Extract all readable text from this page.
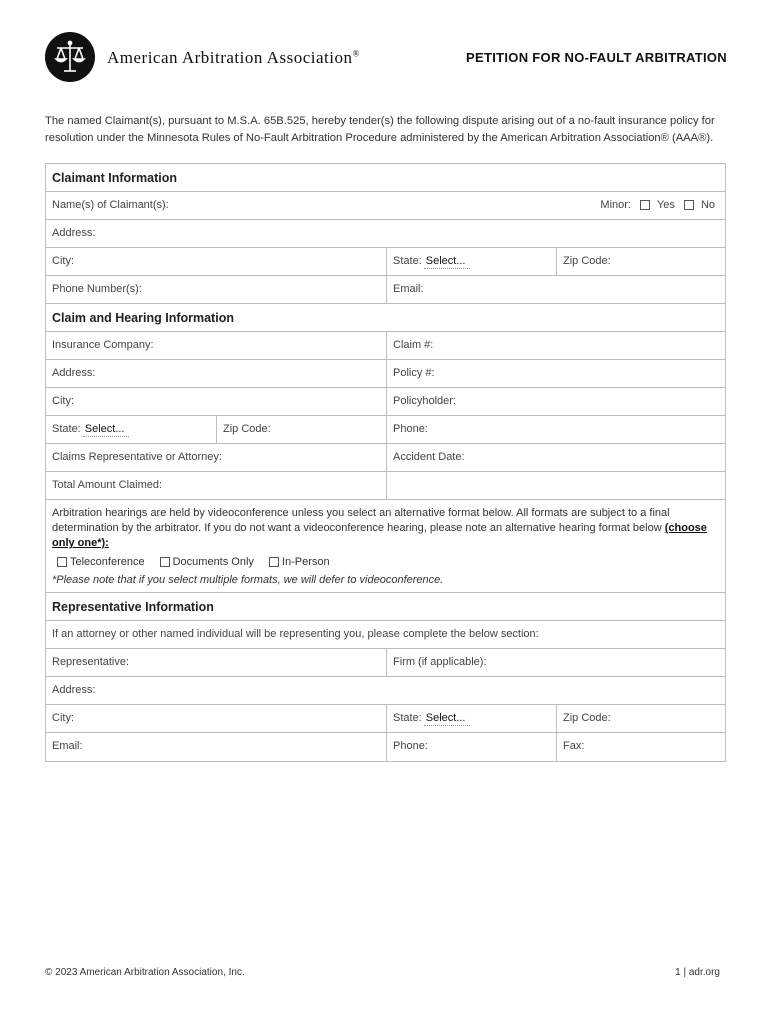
American Arbitration Association®	PETITION FOR NO-FAULT ARBITRATION
The named Claimant(s), pursuant to M.S.A. 65B.525, hereby tender(s) the following dispute arising out of a no-fault insurance policy for resolution under the Minnesota Rules of No-Fault Arbitration Procedure administered by the American Arbitration Association® (AAA®).
Claimant Information
Name(s) of Claimant(s):	Minor: Yes No
Address:
City:	State: Select...	Zip Code:
Phone Number(s):	Email:
Claim and Hearing Information
Insurance Company:	Claim #:
Address:	Policy #:
City:	Policyholder:
State: Select...	Zip Code:	Phone:
Claims Representative or Attorney:	Accident Date:
Total Amount Claimed:

Arbitration hearings are held by videoconference unless you select an alternative format below. All formats are subject to a final determination by the arbitrator. If you do not want a videoconference hearing, please note an alternative hearing format below (choose only one*):

Teleconference	Documents Only	In-Person
*Please note that if you select multiple formats, we will defer to videoconference.
Representative Information
If an attorney or other named individual will be representing you, please complete the below section:
Representative:	Firm (if applicable):
Address:
City:	State: Select...	Zip Code:
Email:	Phone:	Fax:
© 2023 American Arbitration Association, Inc.	1 | adr.org
